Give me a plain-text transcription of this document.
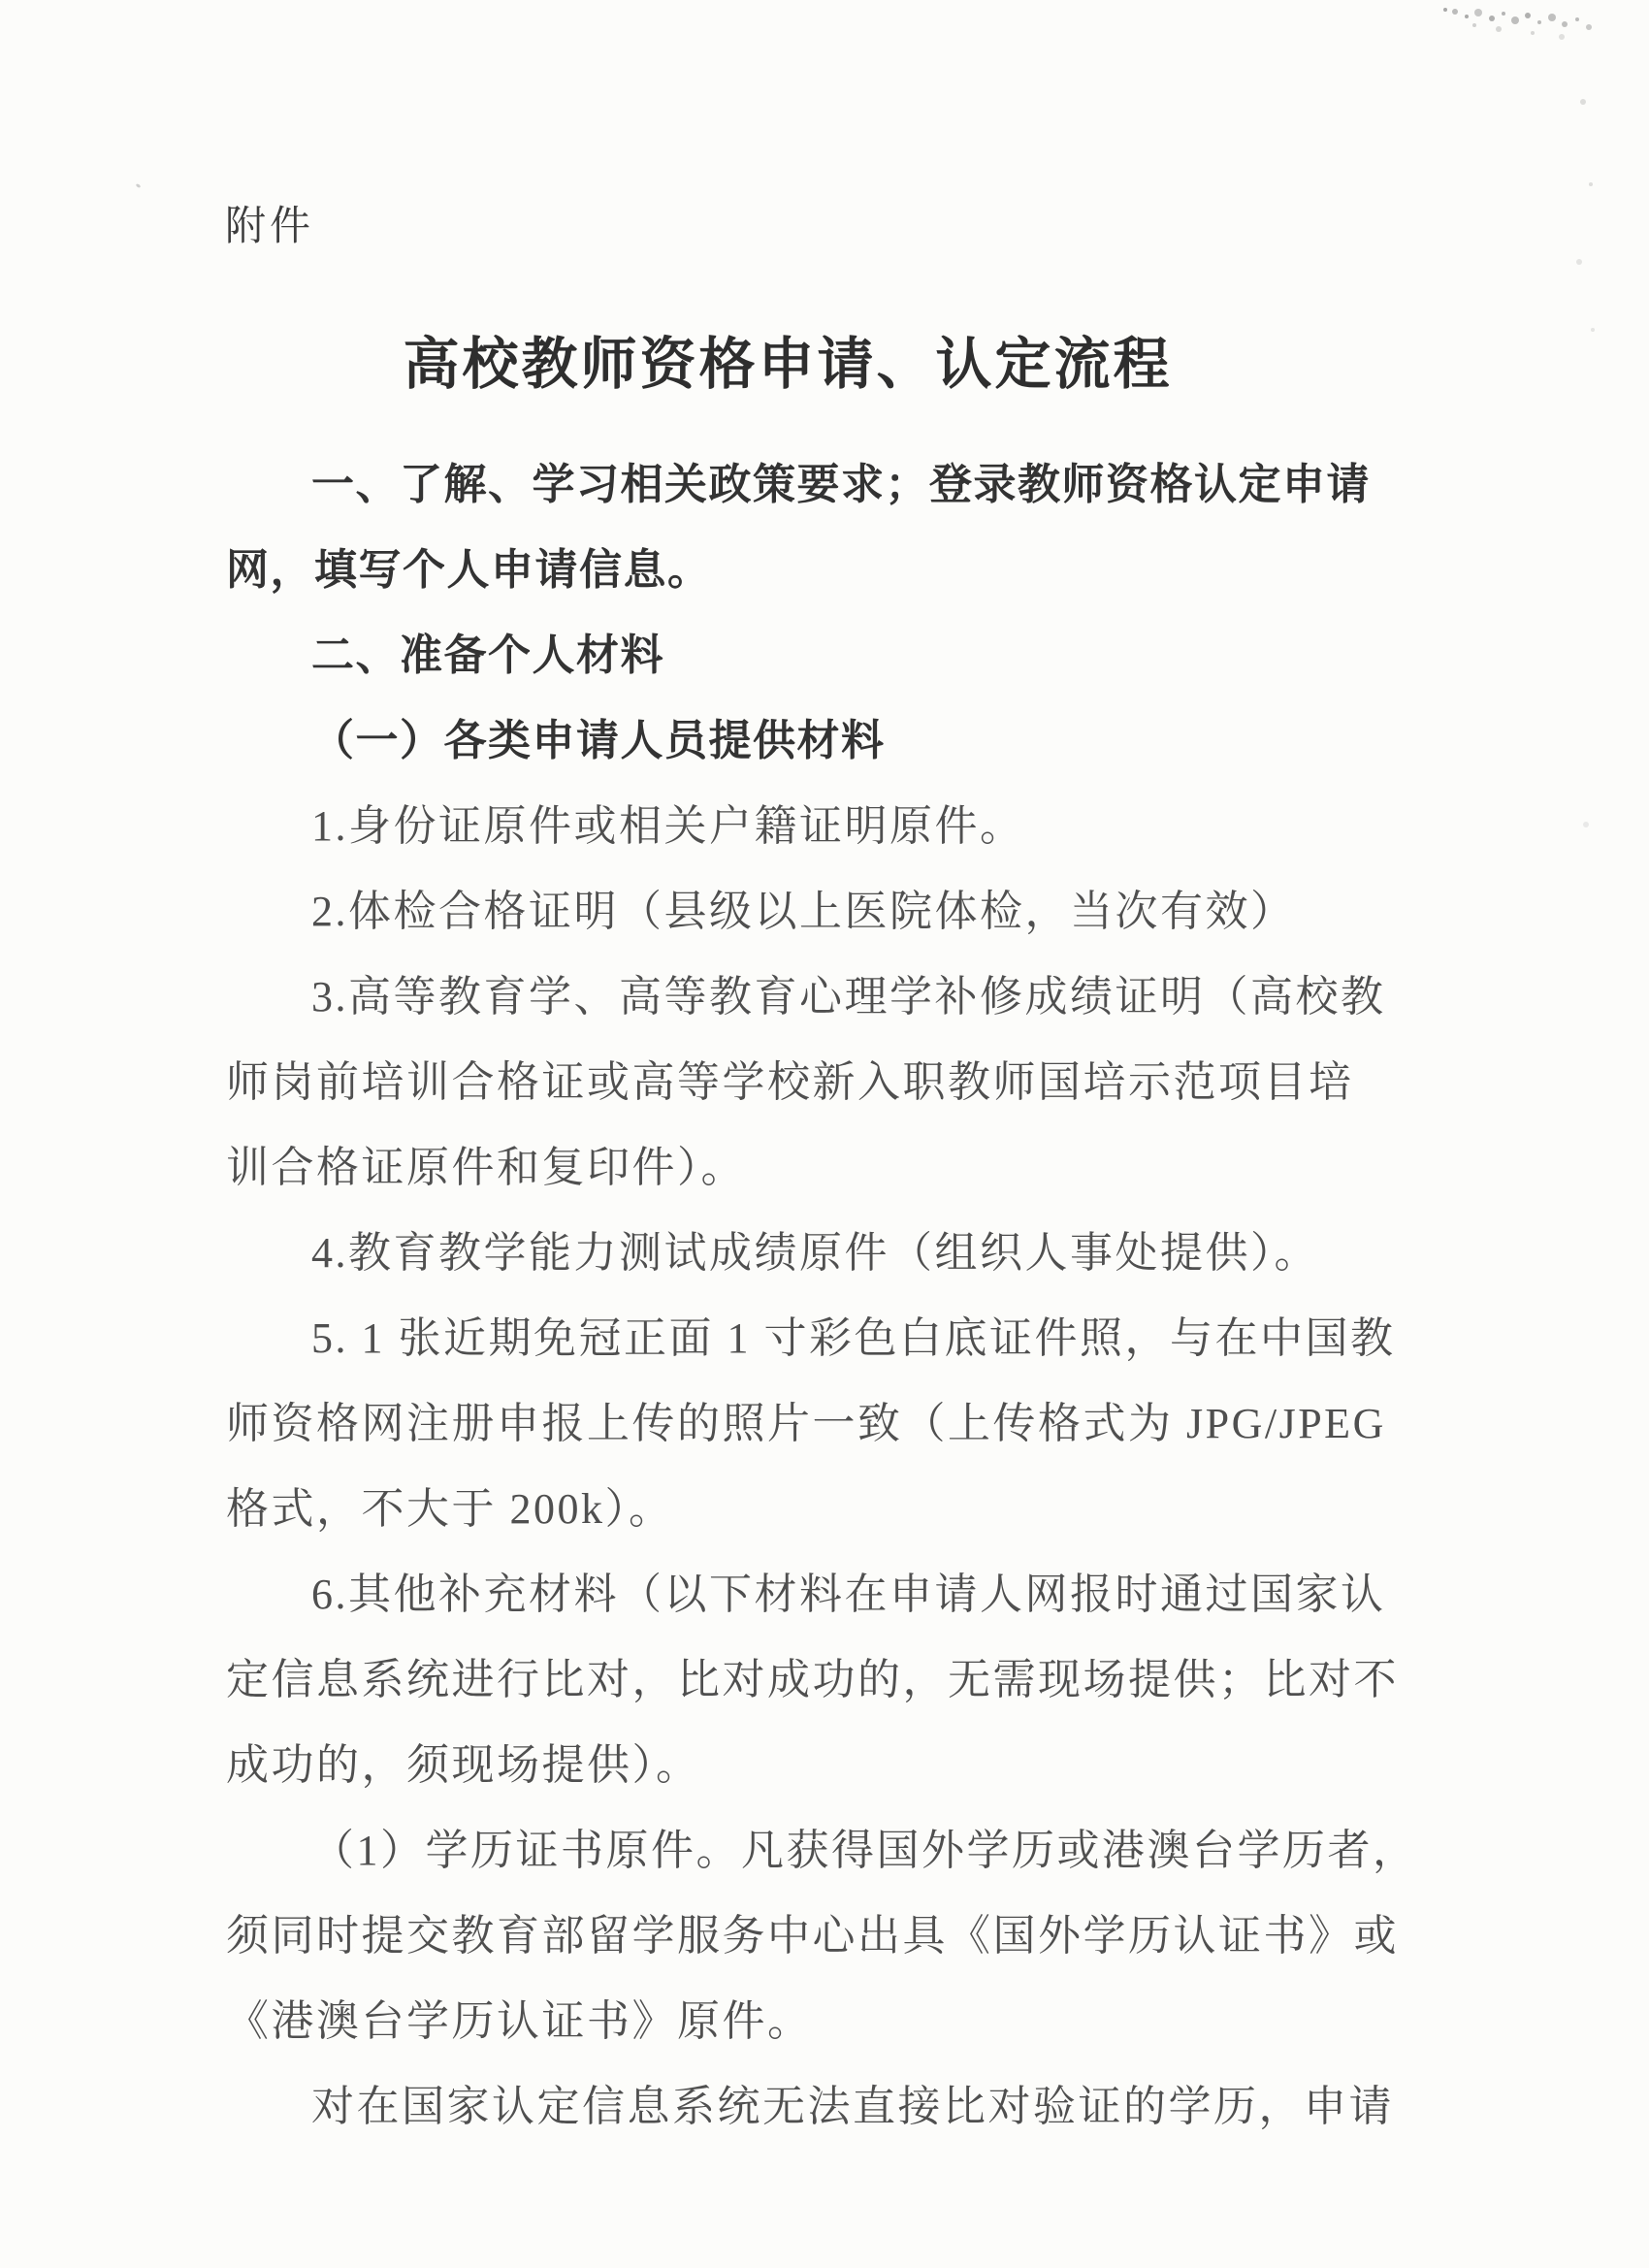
附件
高校教师资格申请、认定流程
一、了解、学习相关政策要求；登录教师资格认定申请
网，填写个人申请信息。
二、准备个人材料
（一）各类申请人员提供材料
1.身份证原件或相关户籍证明原件。
2.体检合格证明（县级以上医院体检，当次有效）
3.高等教育学、高等教育心理学补修成绩证明（高校教
师岗前培训合格证或高等学校新入职教师国培示范项目培
训合格证原件和复印件）。
4.教育教学能力测试成绩原件（组织人事处提供）。
5. 1 张近期免冠正面 1 寸彩色白底证件照，与在中国教
师资格网注册申报上传的照片一致（上传格式为 JPG/JPEG
格式，不大于 200k）。
6.其他补充材料（以下材料在申请人网报时通过国家认
定信息系统进行比对，比对成功的，无需现场提供；比对不
成功的，须现场提供）。
（1）学历证书原件。凡获得国外学历或港澳台学历者，
须同时提交教育部留学服务中心出具《国外学历认证书》或
《港澳台学历认证书》原件。
对在国家认定信息系统无法直接比对验证的学历，申请
